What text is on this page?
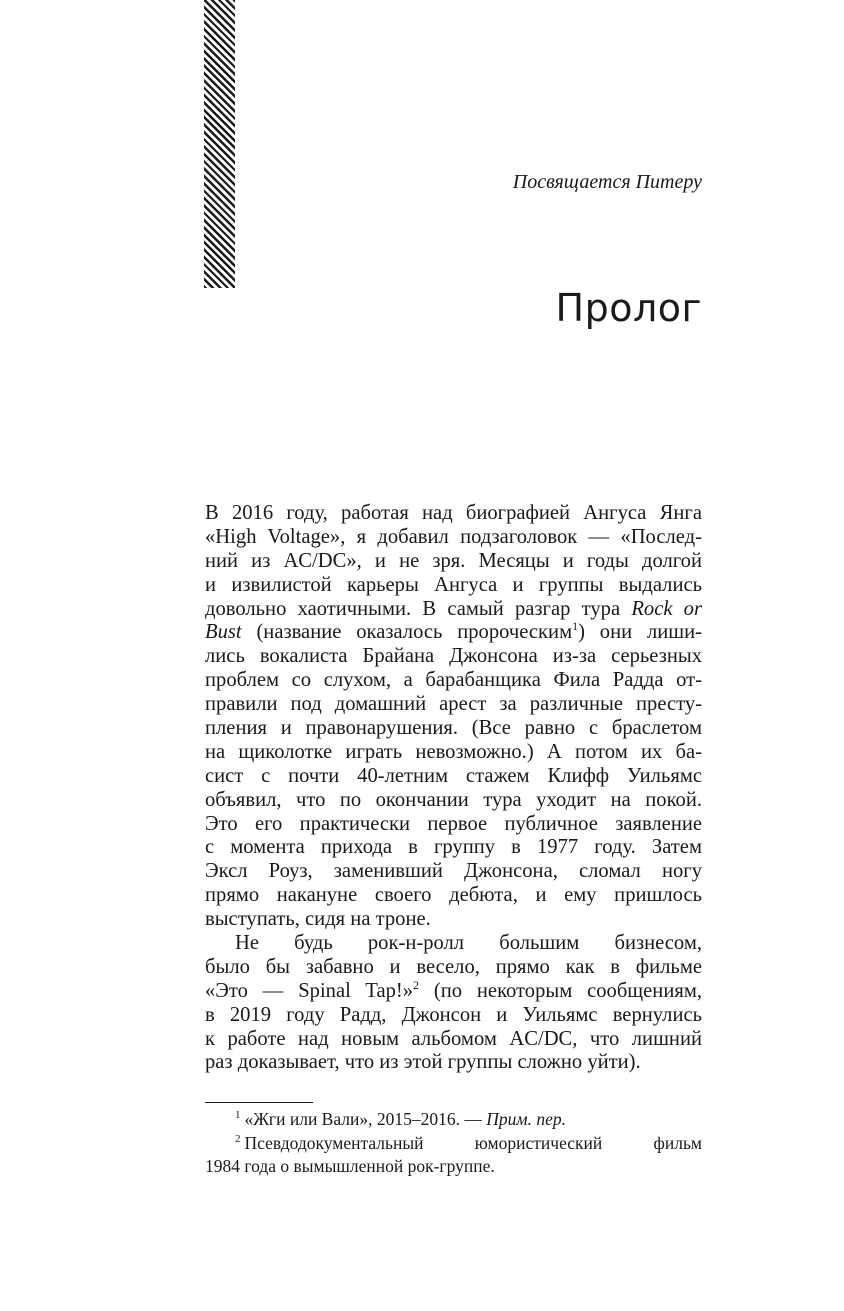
Посвящается Питеру
Пролог
В 2016 году, работая над биографией Ангуса Янга
«High Voltage», я добавил подзаголовок — «Послед-
ний из AC/DC», и не зря. Месяцы и годы долгой
и извилистой карьеры Ангуса и группы выдались
довольно хаотичными. В самый разгар тура Rock or
Bust (название оказалось пророческим$^1$) они лиши-
лись вокалиста Брайана Джонсона из-за серьезных
проблем со слухом, а барабанщика Фила Радда от-
правили под домашний арест за различные престу-
пления и правонарушения. (Все равно с браслетом
на щиколотке играть невозможно.) А потом их ба-
сист с почти 40-летним стажем Клифф Уильямс
объявил, что по окончании тура уходит на покой.
Это его практически первое публичное заявление
с момента прихода в группу в 1977 году. Затем
Эксл Роуз, заменивший Джонсона, сломал ногу
прямо накануне своего дебюта, и ему пришлось
выступать, сидя на троне.
Не будь рок-н-ролл большим бизнесом,
было бы забавно и весело, прямо как в фильме
«Это — Spinal Tap!»$^2$ (по некоторым сообщениям,
в 2019 году Радд, Джонсон и Уильямс вернулись
к работе над новым альбомом AC/DC, что лишний
раз доказывает, что из этой группы сложно уйти).
$^1$ «Жги или Вали», 2015–2016. — Прим. пер.
$^2$ Псевдодокументальный юмористический фильм
1984 года о вымышленной рок-группе.
